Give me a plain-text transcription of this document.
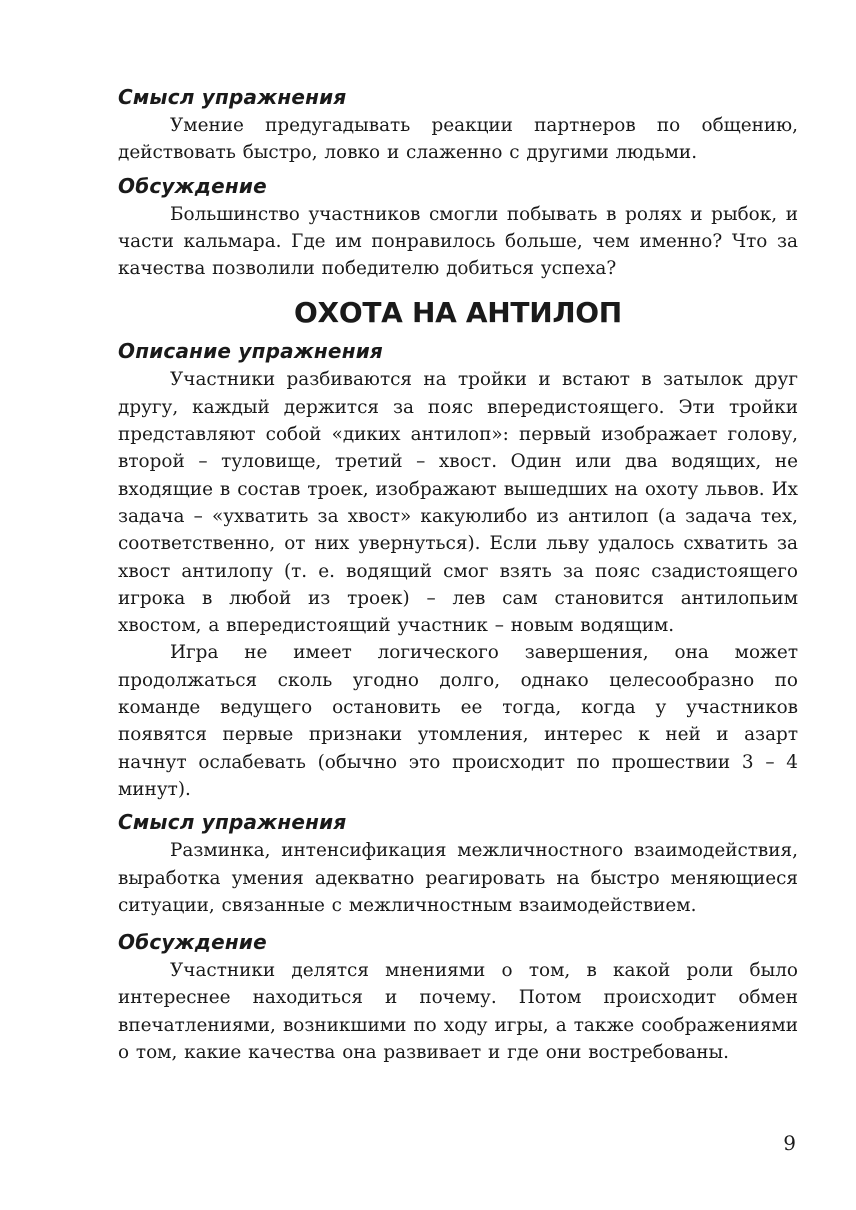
Смысл упражнения

Умение предугадывать реакции партнеров по общению, действовать быстро, ловко и слаженно с другими людьми.

Обсуждение

Большинство участников смогли побывать в ролях и рыбок, и части кальмара. Где им понравилось больше, чем именно? Что за качества позволили победителю добиться успеха?

ОХОТА НА АНТИЛОП
Описание упражнения

Участники разбиваются на тройки и встают в затылок друг другу, каждый держится за пояс впередистоящего. Эти тройки представляют собой «диких антилоп»: первый изображает голову, второй – туловище, третий – хвост. Один или два водящих, не входящие в состав троек, изображают вышедших на охоту львов. Их задача – «ухватить за хвост» какуюлибо из антилоп (а задача тех, соответственно, от них увернуться). Если льву удалось схватить за хвост антилопу (т. е. водящий смог взять за пояс сзадистоящего игрока в любой из троек) – лев сам становится антилопьим хвостом, а впередистоящий участник – новым водящим.

Игра не имеет логического завершения, она может продолжаться сколь угодно долго, однако целесообразно по команде ведущего остановить ее тогда, когда у участников появятся первые признаки утомления, интерес к ней и азарт начнут ослабевать (обычно это происходит по прошествии 3 – 4 минут).

Смысл упражнения

Разминка, интенсификация межличностного взаимодействия, выработка умения адекватно реагировать на быстро меняющиеся ситуации, связанные с межличностным взаимодействием.

Обсуждение

Участники делятся мнениями о том, в какой роли было интереснее находиться и почему. Потом происходит обмен впечатлениями, возникшими по ходу игры, а также соображениями о том, какие качества она развивает и где они востребованы.

9
